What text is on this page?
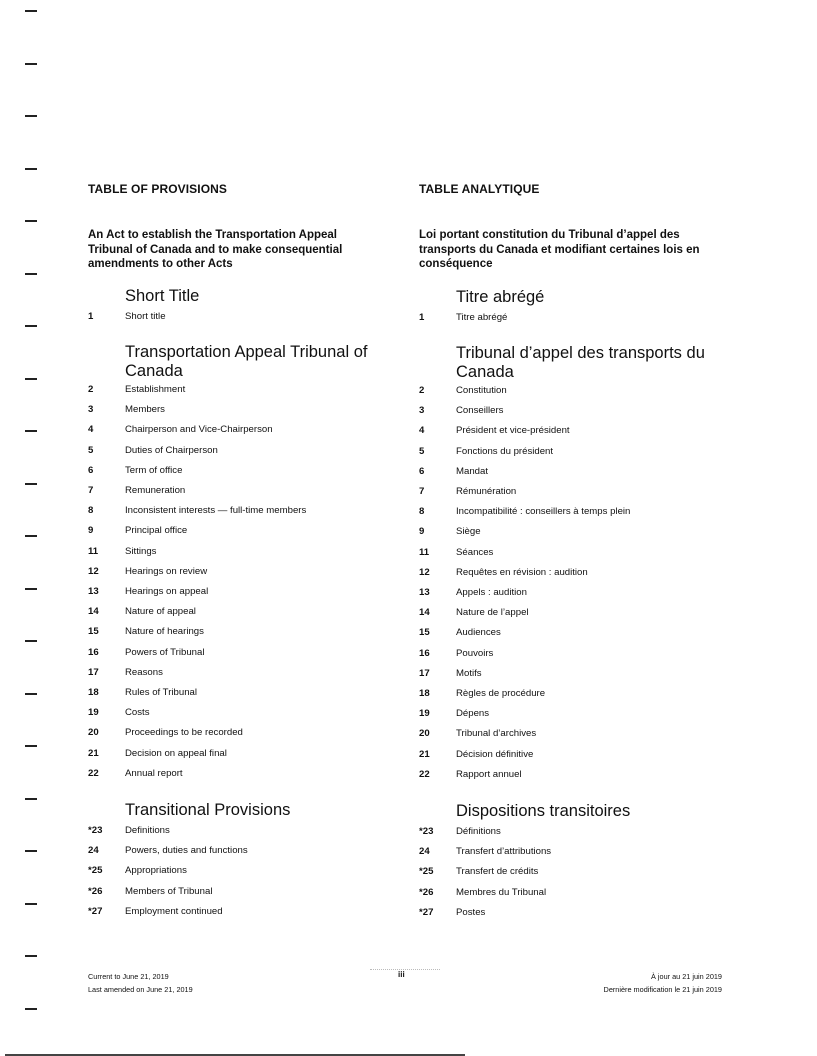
TABLE OF PROVISIONS
An Act to establish the Transportation Appeal Tribunal of Canada and to make consequential amendments to other Acts
Short Title
1	Short title
Transportation Appeal Tribunal of Canada
2	Establishment
3	Members
4	Chairperson and Vice-Chairperson
5	Duties of Chairperson
6	Term of office
7	Remuneration
8	Inconsistent interests — full-time members
9	Principal office
11	Sittings
12	Hearings on review
13	Hearings on appeal
14	Nature of appeal
15	Nature of hearings
16	Powers of Tribunal
17	Reasons
18	Rules of Tribunal
19	Costs
20	Proceedings to be recorded
21	Decision on appeal final
22	Annual report
Transitional Provisions
*23	Definitions
24	Powers, duties and functions
*25	Appropriations
*26	Members of Tribunal
*27	Employment continued
TABLE ANALYTIQUE
Loi portant constitution du Tribunal d’appel des transports du Canada et modifiant certaines lois en conséquence
Titre abrégé
1	Titre abrégé
Tribunal d’appel des transports du Canada
2	Constitution
3	Conseillers
4	Président et vice-président
5	Fonctions du président
6	Mandat
7	Rémunération
8	Incompatibilité : conseillers à temps plein
9	Siège
11	Séances
12	Requêtes en révision : audition
13	Appels : audition
14	Nature de l’appel
15	Audiences
16	Pouvoirs
17	Motifs
18	Règles de procédure
19	Dépens
20	Tribunal d’archives
21	Décision définitive
22	Rapport annuel
Dispositions transitoires
*23	Définitions
24	Transfert d’attributions
*25	Transfert de crédits
*26	Membres du Tribunal
*27	Postes
Current to June 21, 2019
Last amended on June 21, 2019
iii	À jour au 21 juin 2019
Dernière modification le 21 juin 2019
